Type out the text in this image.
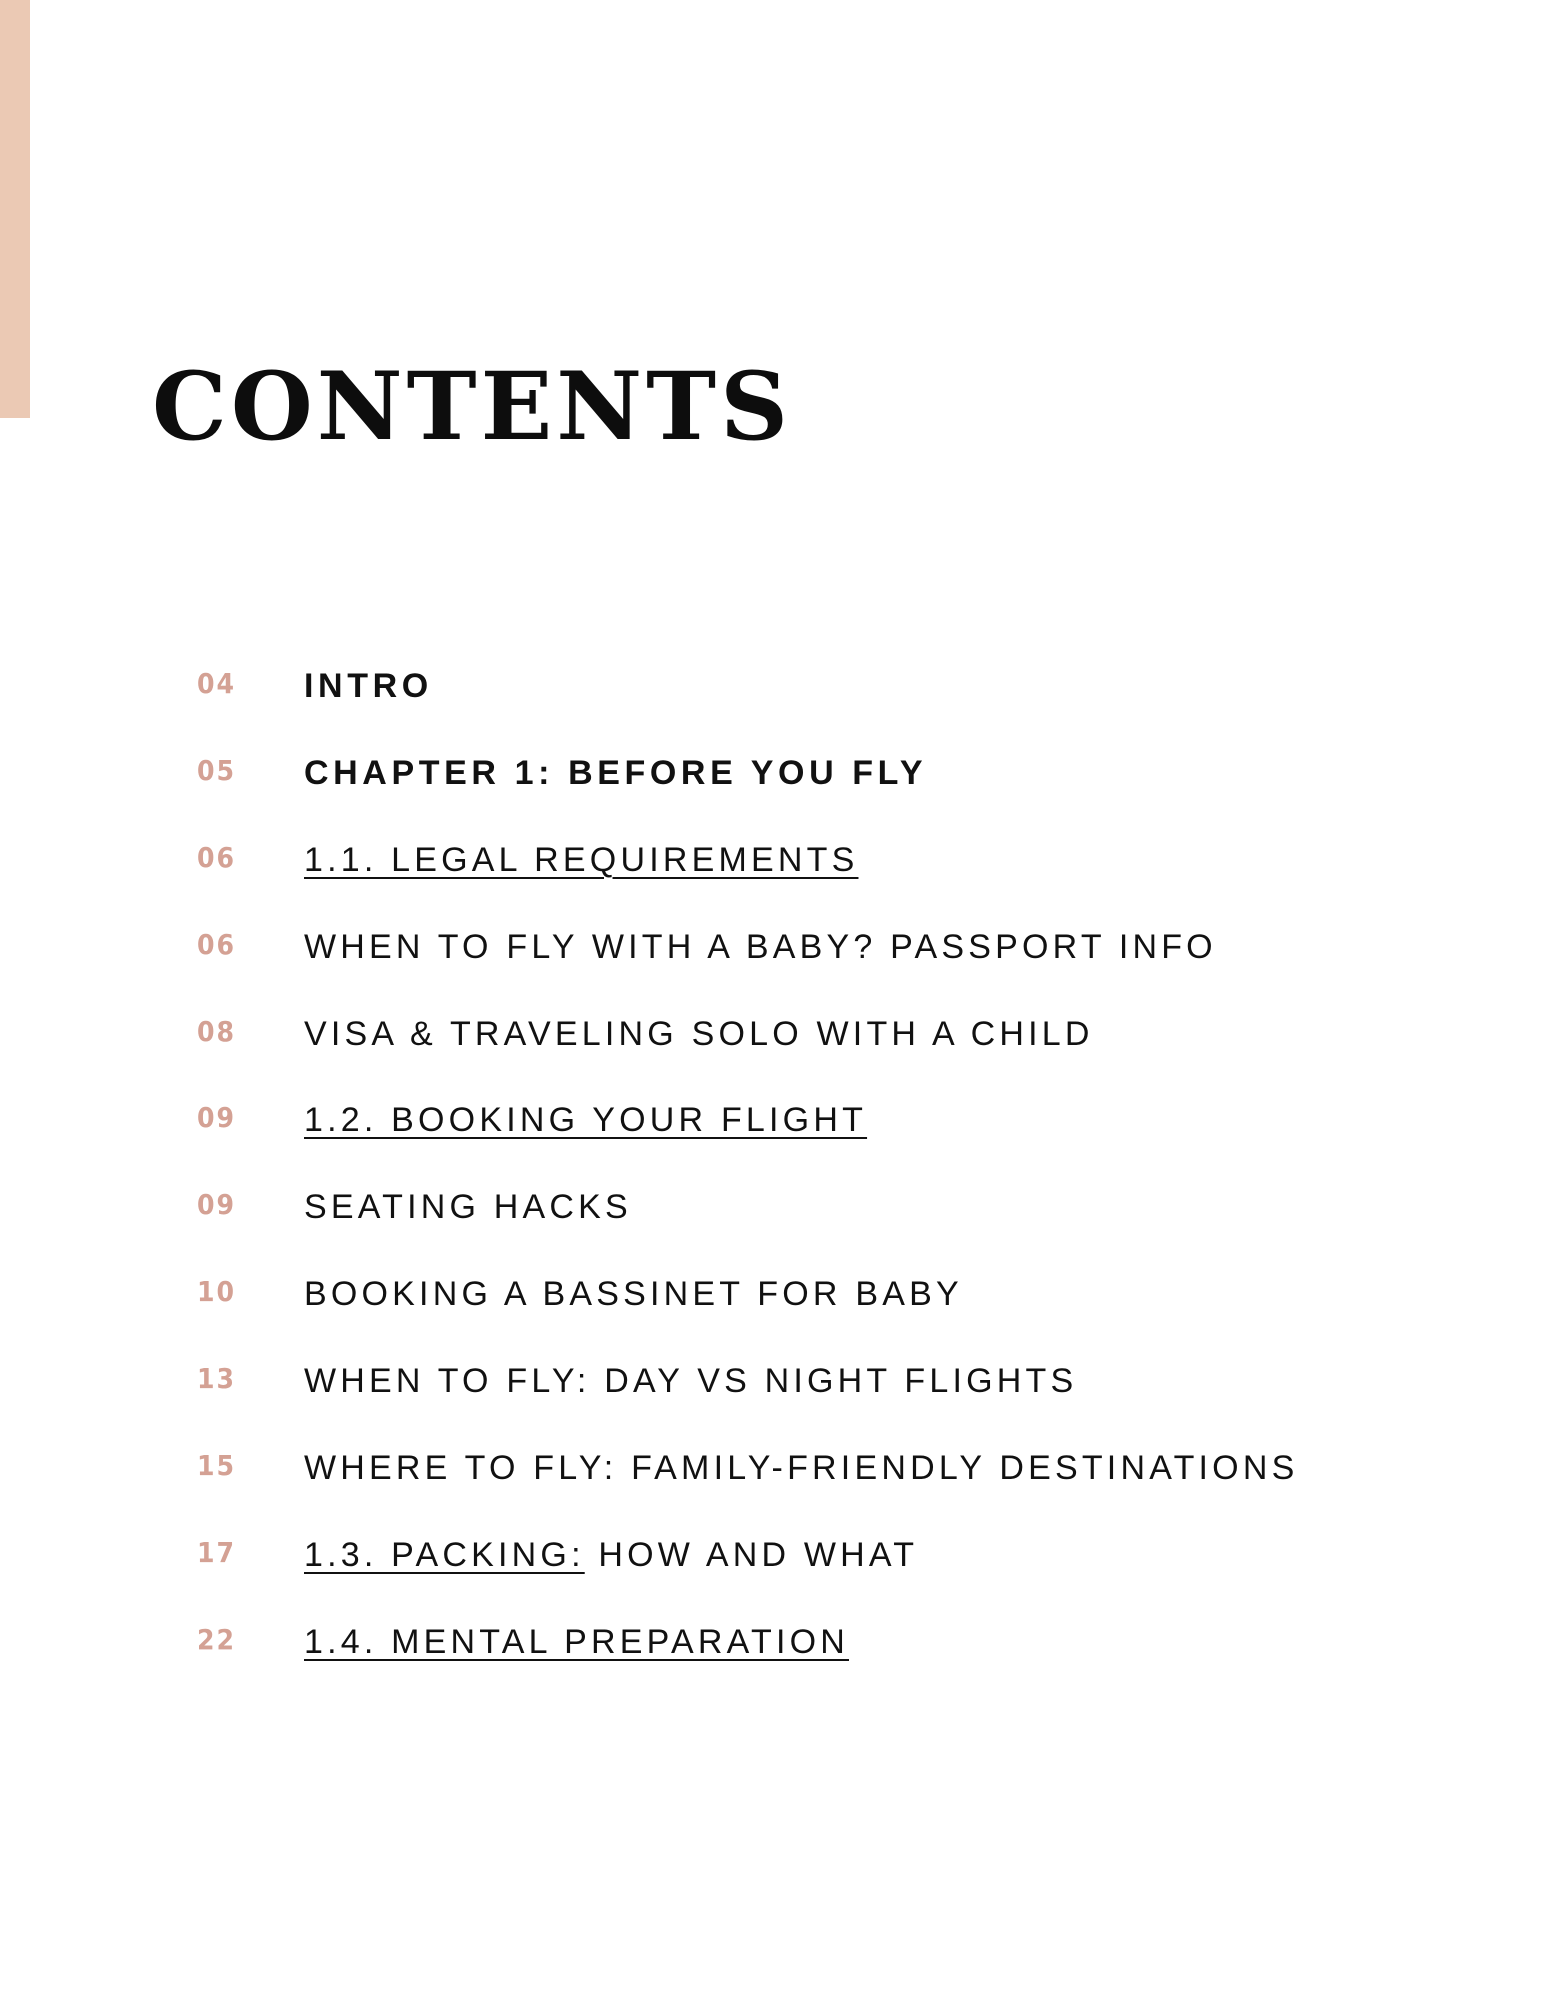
CONTENTS
04 INTRO
05 CHAPTER 1: BEFORE YOU FLY
06 1.1. LEGAL REQUIREMENTS
06 WHEN TO FLY WITH A BABY? PASSPORT INFO
08 VISA & TRAVELING SOLO WITH A CHILD
09 1.2. BOOKING YOUR FLIGHT
09 SEATING HACKS
10 BOOKING A BASSINET FOR BABY
13 WHEN TO FLY: DAY VS NIGHT FLIGHTS
15 WHERE TO FLY: FAMILY-FRIENDLY DESTINATIONS
17 1.3. PACKING: HOW AND WHAT
22 1.4. MENTAL PREPARATION
